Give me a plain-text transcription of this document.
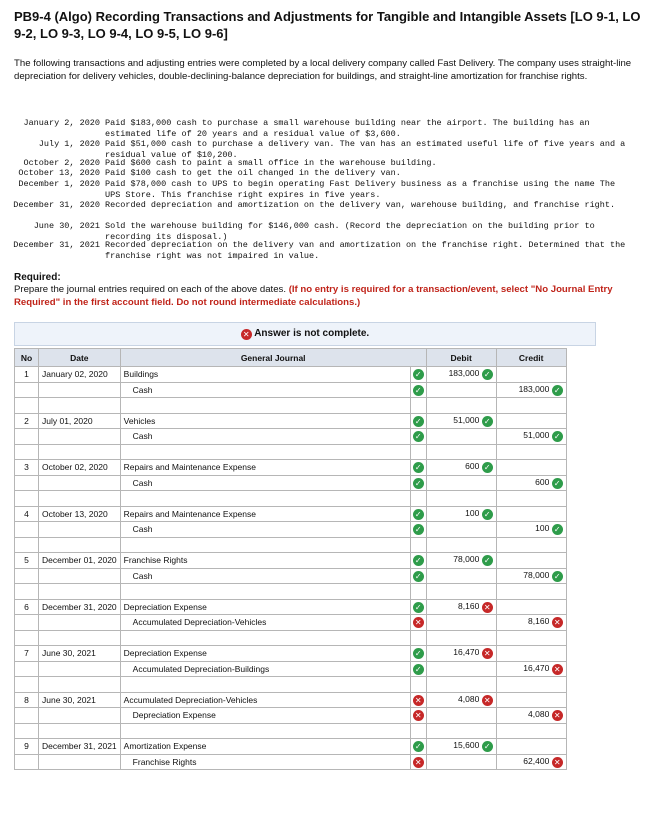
PB9-4 (Algo) Recording Transactions and Adjustments for Tangible and Intangible Assets [LO 9-1, LO 9-2, LO 9-3, LO 9-4, LO 9-5, LO 9-6]
The following transactions and adjusting entries were completed by a local delivery company called Fast Delivery. The company uses straight-line depreciation for delivery vehicles, double-declining-balance depreciation for buildings, and straight-line amortization for franchise rights.
January 2, 2020 Paid $183,000 cash to purchase a small warehouse building near the airport. The building has an
estimated life of 20 years and a residual value of $3,600.
July 1, 2020 Paid $51,000 cash to purchase a delivery van. The van has an estimated useful life of five years and a
residual value of $10,200.
October 2, 2020 Paid $600 cash to paint a small office in the warehouse building.
October 13, 2020 Paid $100 cash to get the oil changed in the delivery van.
December 1, 2020 Paid $78,000 cash to UPS to begin operating Fast Delivery business as a franchise using the name The
UPS Store. This franchise right expires in five years.
December 31, 2020 Recorded depreciation and amortization on the delivery van, warehouse building, and franchise right.
June 30, 2021 Sold the warehouse building for $146,000 cash. (Record the depreciation on the building prior to
recording its disposal.)
December 31, 2021 Recorded depreciation on the delivery van and amortization on the franchise right. Determined that the
franchise right was not impaired in value.
Required:
Prepare the journal entries required on each of the above dates. (If no entry is required for a transaction/event, select "No Journal Entry Required" in the first account field. Do not round intermediate calculations.)
✕ Answer is not complete.
No	Date	General Journal		Debit	Credit
1	January 02, 2020	Buildings	✓	183,000 ✓	
		Cash	✓		183,000 ✓

2	July 01, 2020	Vehicles	✓	51,000 ✓	
		Cash	✓		51,000 ✓

3	October 02, 2020	Repairs and Maintenance Expense	✓	600 ✓	
		Cash	✓		600 ✓

4	October 13, 2020	Repairs and Maintenance Expense	✓	100 ✓	
		Cash	✓		100 ✓

5	December 01, 2020	Franchise Rights	✓	78,000 ✓	
		Cash	✓		78,000 ✓

6	December 31, 2020	Depreciation Expense	✓	8,160 ✕	
		Accumulated Depreciation-Vehicles	✕		8,160 ✕

7	June 30, 2021	Depreciation Expense	✓	16,470 ✕	
		Accumulated Depreciation-Buildings	✓		16,470 ✕

8	June 30, 2021	Accumulated Depreciation-Vehicles	✕	4,080 ✕	
		Depreciation Expense	✕		4,080 ✕

9	December 31, 2021	Amortization Expense	✓	15,600 ✓	
		Franchise Rights	✕		62,400 ✕
